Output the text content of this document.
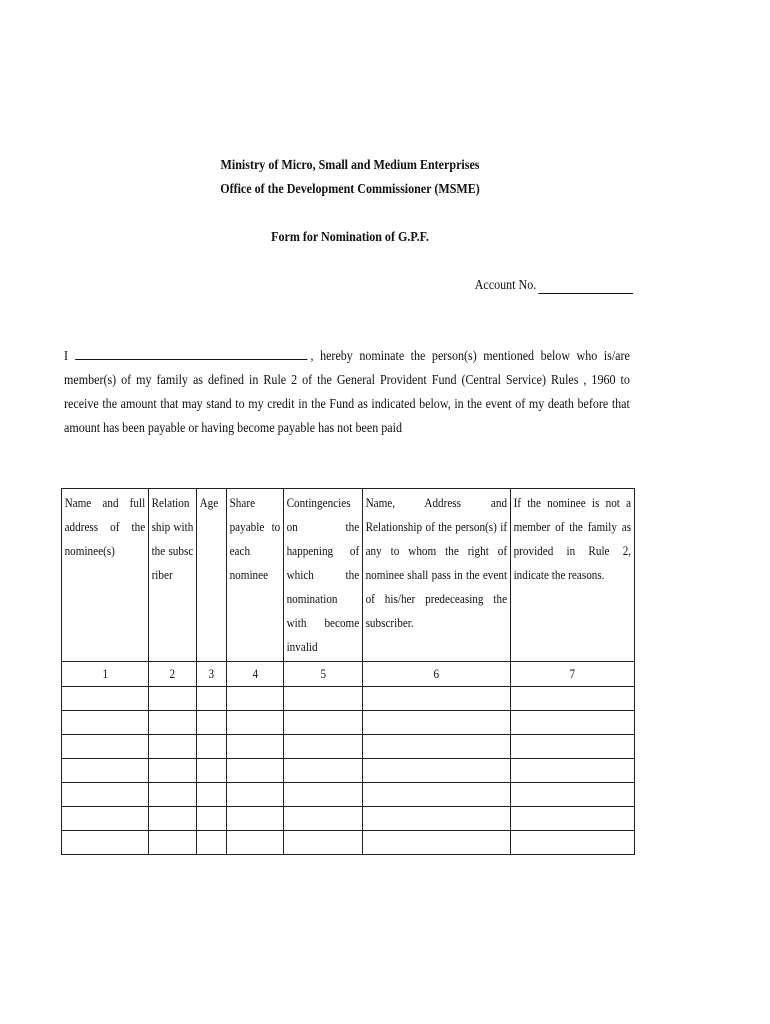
Ministry of Micro, Small and Medium Enterprises
Office of the Development Commissioner (MSME)
Form for Nomination of G.P.F.
Account No.
I	, hereby nominate the person(s) mentioned below who is/are member(s) of my family as defined in Rule 2 of the General Provident Fund (Central Service) Rules , 1960 to receive the amount that may stand to my credit in the Fund as indicated below, in the event of my death before that amount has been payable or having become payable has not been paid
Name and full address of the nominee(s)	Relationship with the subscriber	Age	Share payable to each nominee	Contingencies on the happening of which the nomination with become invalid	Name, Address and Relationship of the person(s) if any to whom the right of nominee shall pass in the event of his/her predeceasing the subscriber.	If the nominee is not a member of the family as provided in Rule 2, indicate the reasons.

1	2	3	4	5	6	7
